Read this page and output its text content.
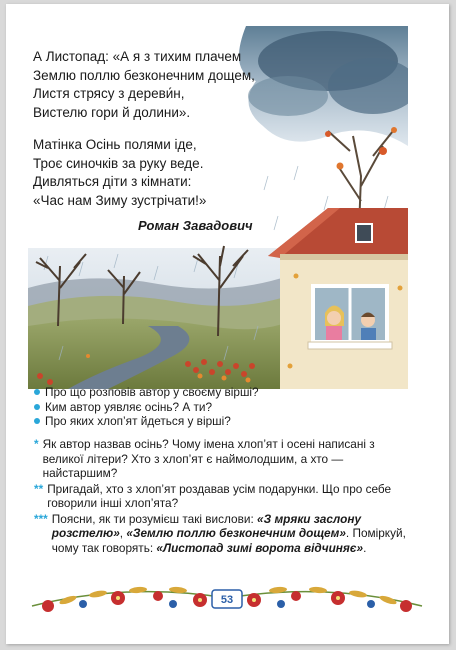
А Листопад: «А я з тихим плачем
Землю поллю безконечним дощем,
Листя стрясу з дереви́н,
Виcтелю гори й долини».
Матінка Осінь полями іде,
Троє синочків за руку веде.
Дивляться діти з кімнати:
«Час нам Зиму зустрічати!»
Роман Завадович
Про що розповів автор у своєму вірші?
Ким автор уявляє осінь? А ти?
Про яких хлоп’ят йдеться у вірші?
* Як автор назвав осінь? Чому імена хлоп’ят і осені написані з великої літери? Хто з хлоп’ят є наймолодшим, а хто — найстаршим?
** Пригадай, хто з хлоп’ят роздавав усім подарунки. Що про себе говорили інші хлоп’ята?
*** Поясни, як ти розумієш такі вислови: «З мряки заслону розстелю», «Землю поллю безконечним дощем». Поміркуй, чому так говорять: «Листопад зимі ворота відчиняє».
53
